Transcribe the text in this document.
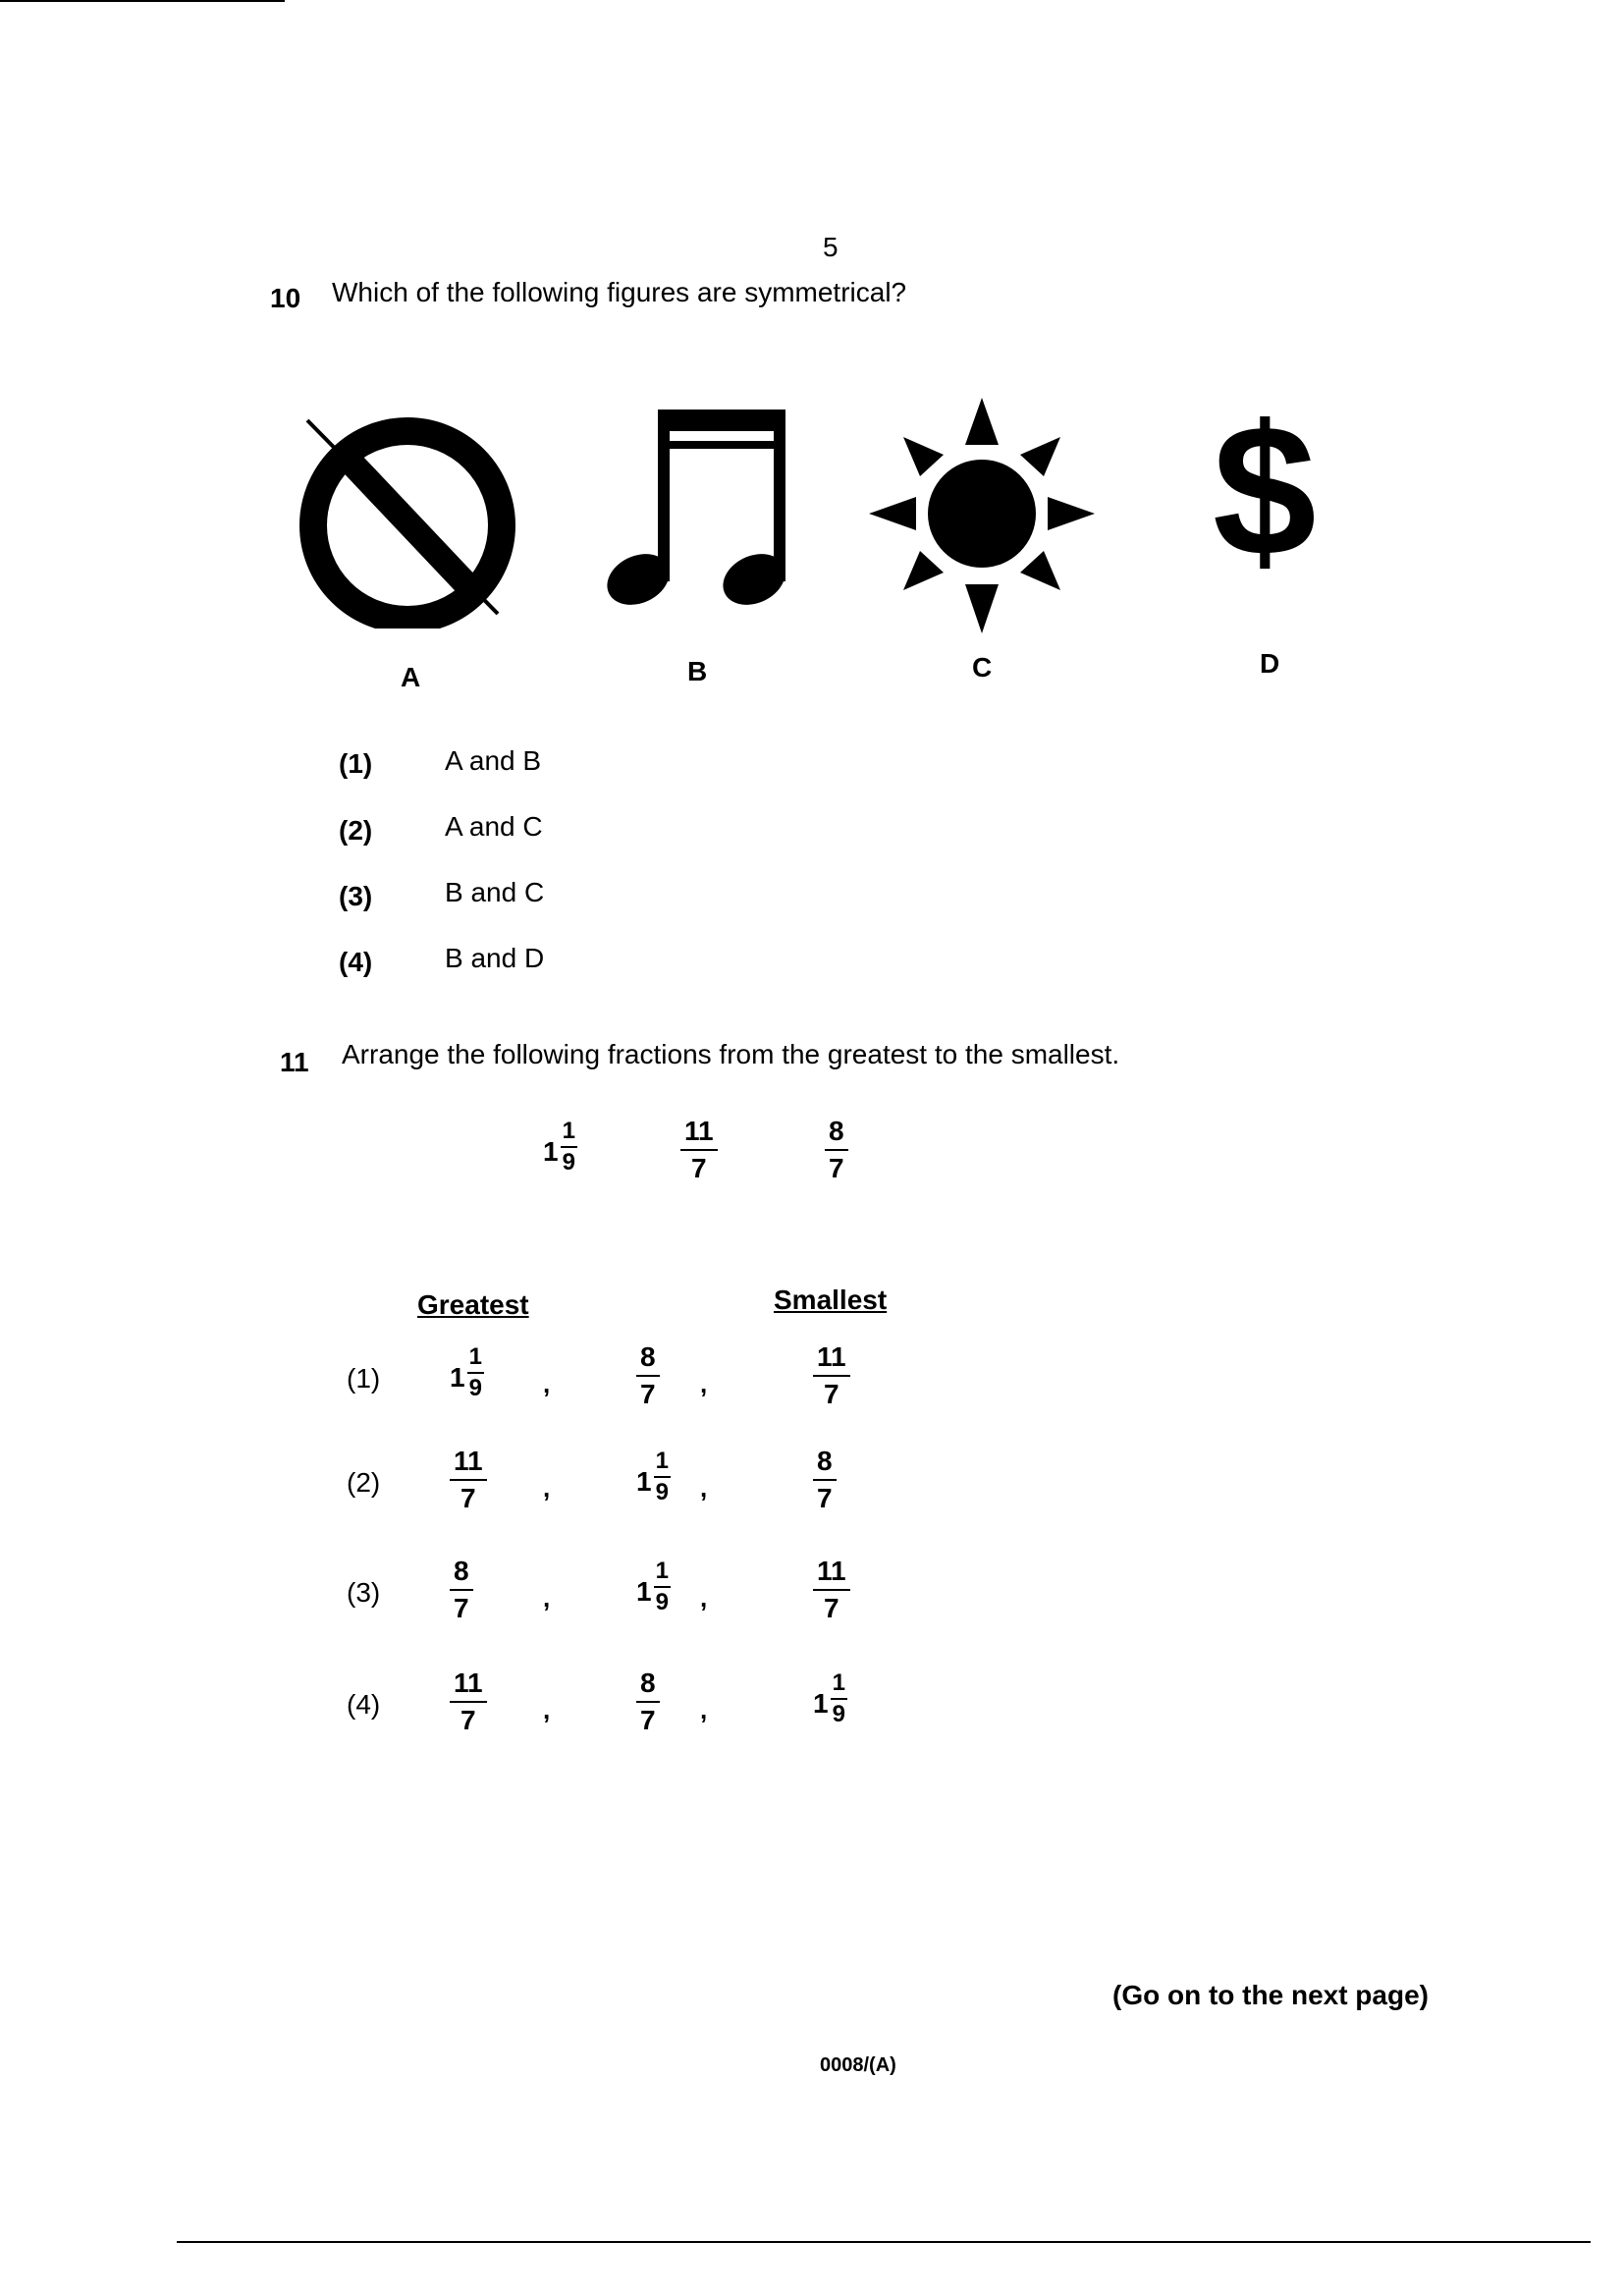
5
10 Which of the following figures are symmetrical?
$
A	B	C	D
(1)	A and B
(2)	A and C
(3)	B and C
(4)	B and D
11 Arrange the following fractions from the greatest to the smallest.
$1 \frac{1}{9}$	$\frac{11}{7}$	$\frac{8}{7}$
Greatest	Smallest
(1)	$1 \frac{1}{9}$ ,	$\frac{8}{7}$ ,	$\frac{11}{7}$
(2)	$\frac{11}{7}$ ,	$1 \frac{1}{9}$ ,	$\frac{8}{7}$
(3)	$\frac{8}{7}$	,	$1 \frac{1}{9}$ ,	$\frac{11}{7}$
(4)	$\frac{11}{7}$ ,	$\frac{8}{7}$ ,	$1 \frac{1}{9}$
(Go on to the next page)
0008/(A)
